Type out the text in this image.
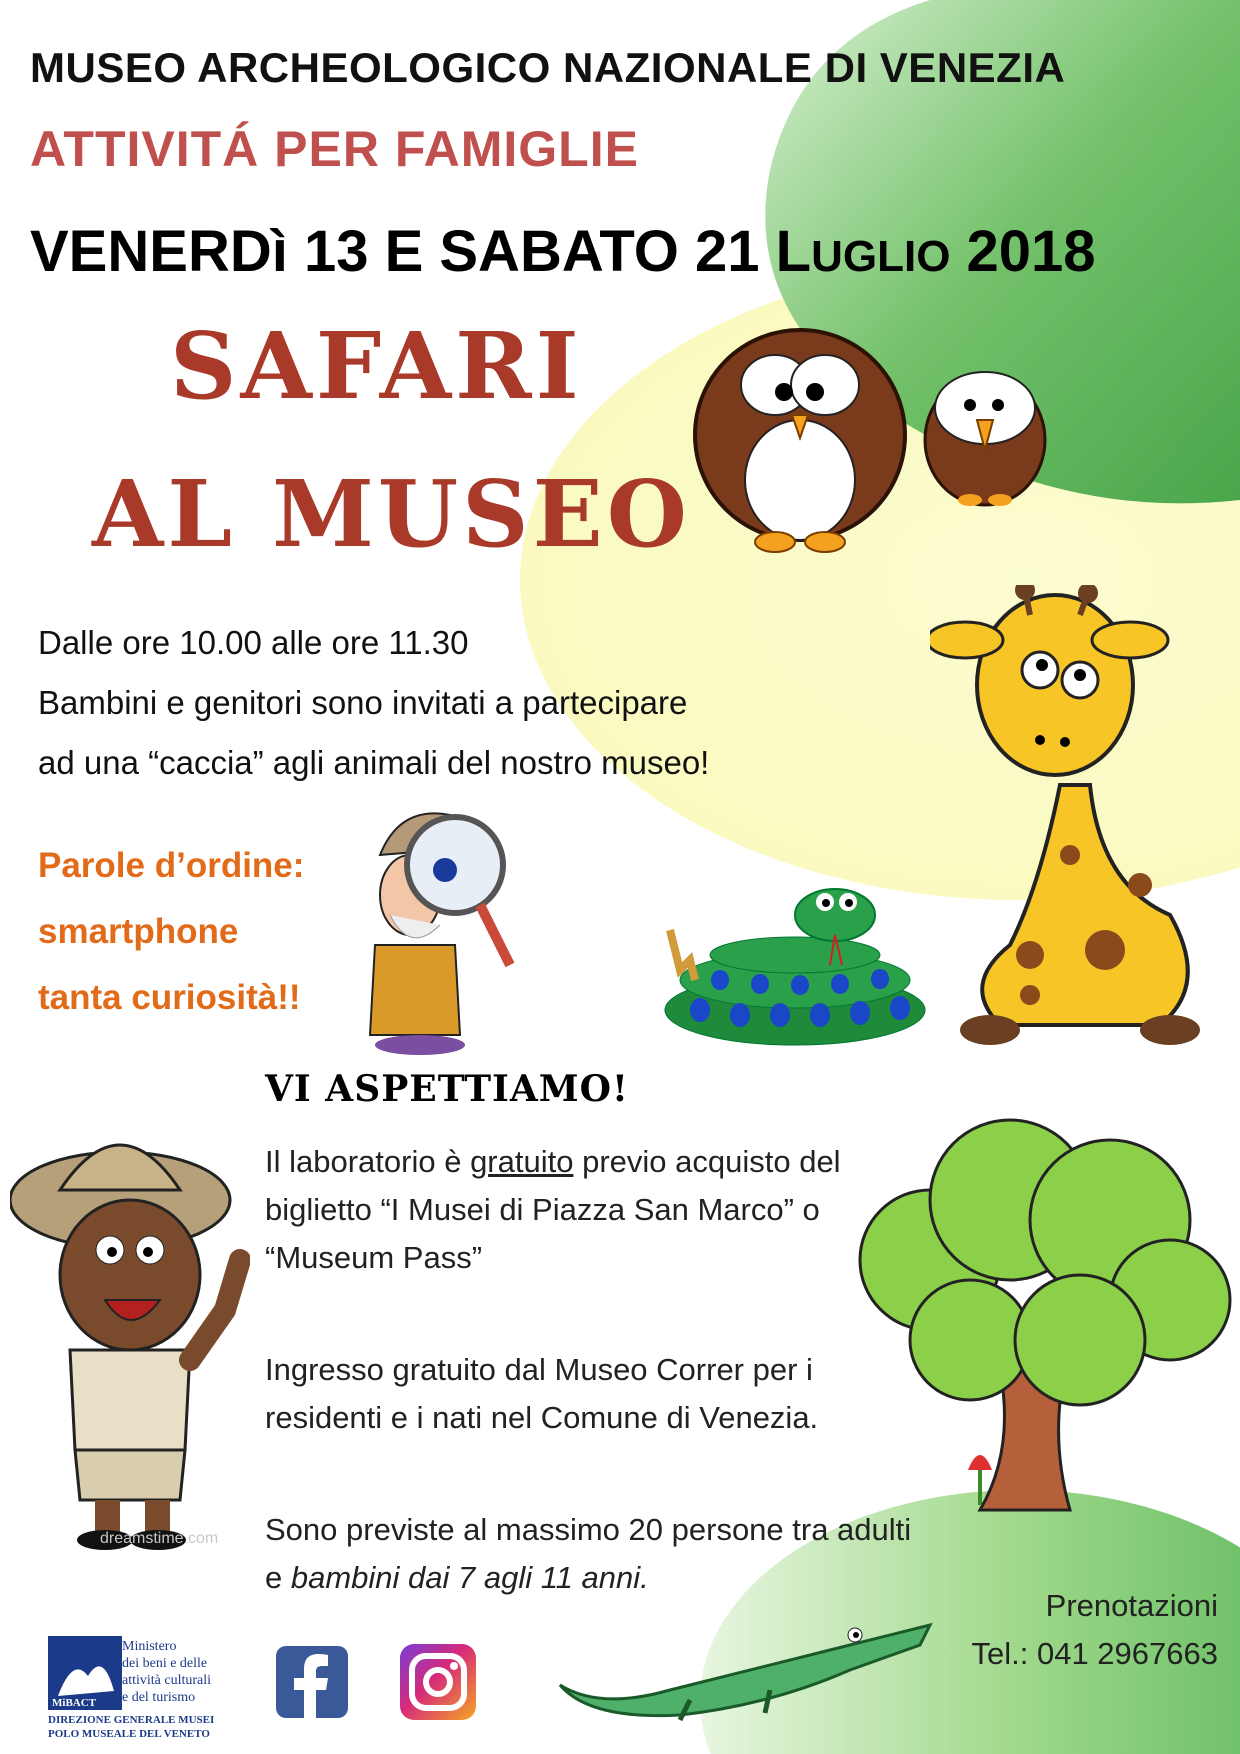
MUSEO ARCHEOLOGICO NAZIONALE DI VENEZIA
ATTIVITÁ PER FAMIGLIE
VENERDì 13 E SABATO 21 LUGLIO 2018
SAFARI
AL MUSEO
Dalle ore 10.00 alle ore 11.30
Bambini e genitori sono invitati a partecipare
ad una “caccia” agli animali del nostro museo!
Parole d’ordine:
smartphone
tanta curiosità!!
VI ASPETTIAMO!
Il laboratorio è gratuito previo acquisto del biglietto “I Musei di Piazza San Marco” o “Museum Pass”
Ingresso gratuito dal Museo Correr per i residenti e i nati nel Comune di Venezia.
Sono previste al massimo 20 persone tra adulti e bambini dai 7 agli 11 anni.
dreamstime.com
Prenotazioni
Tel.: 041 2967663
MiBACT
Ministero
dei beni e delle
attività culturali
e del turismo
DIREZIONE GENERALE MUSEI
POLO MUSEALE DEL VENETO
